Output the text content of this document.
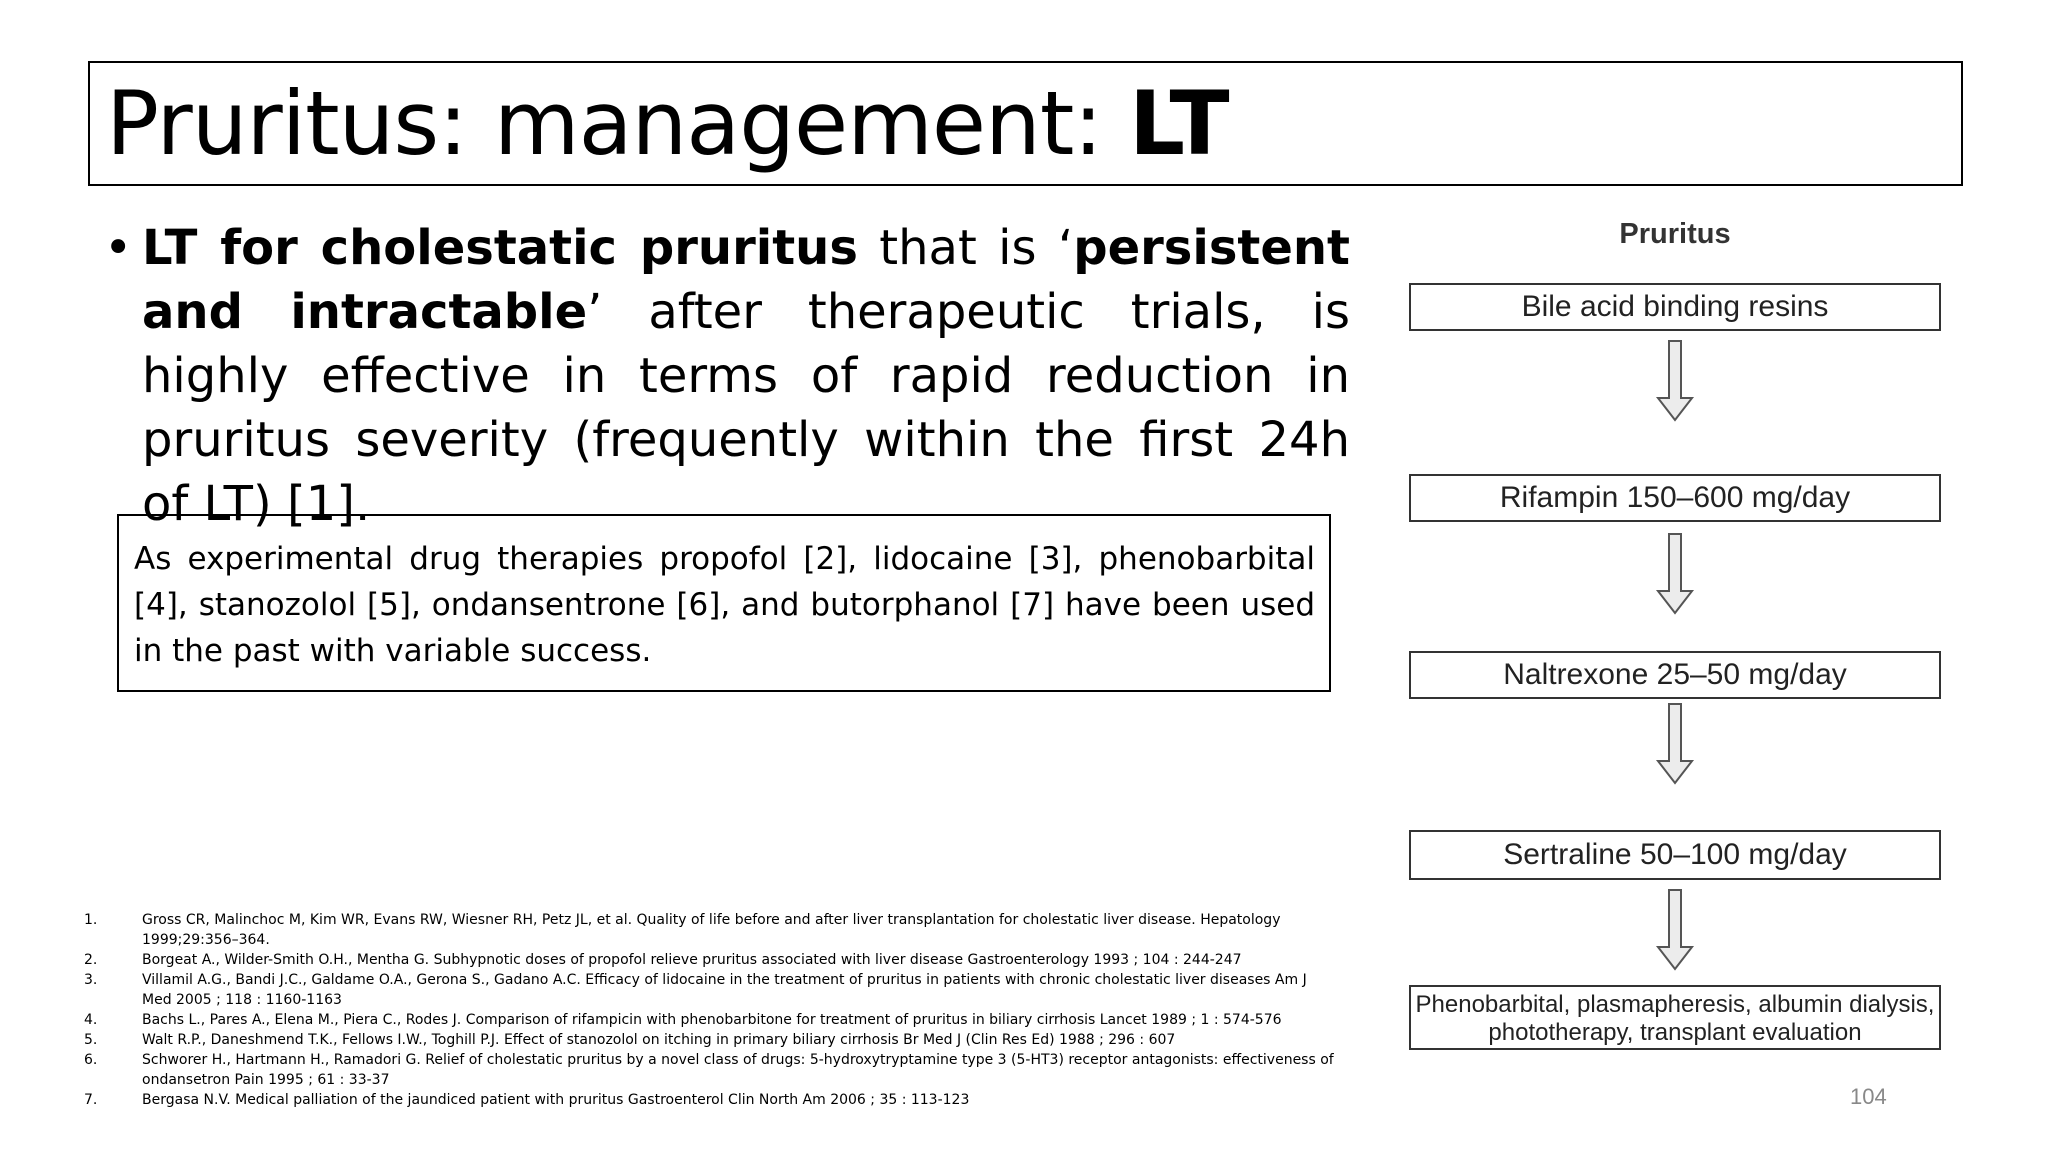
Pruritus: management: LT
• LT for cholestatic pruritus that is ‘persistent and intractable’ after therapeutic trials, is highly effective in terms of rapid reduction in pruritus severity (frequently within the first 24h of LT) [1].
As experimental drug therapies propofol [2], lidocaine [3], phenobarbital [4], stanozolol [5], ondansentrone [6], and butorphanol [7] have been used in the past with variable success.
1.	Gross CR, Malinchoc M, Kim WR, Evans RW, Wiesner RH, Petz JL, et al. Quality of life before and after liver transplantation for cholestatic liver disease. Hepatology 1999;29:356–364.
2.	Borgeat A., Wilder-Smith O.H., Mentha G. Subhypnotic doses of propofol relieve pruritus associated with liver disease Gastroenterology 1993 ; 104 : 244-247
3.	Villamil A.G., Bandi J.C., Galdame O.A., Gerona S., Gadano A.C. Efficacy of lidocaine in the treatment of pruritus in patients with chronic cholestatic liver diseases Am J Med 2005 ; 118 : 1160-1163
4.	Bachs L., Pares A., Elena M., Piera C., Rodes J. Comparison of rifampicin with phenobarbitone for treatment of pruritus in biliary cirrhosis Lancet 1989 ; 1 : 574-576
5.	Walt R.P., Daneshmend T.K., Fellows I.W., Toghill P.J. Effect of stanozolol on itching in primary biliary cirrhosis Br Med J (Clin Res Ed) 1988 ; 296 : 607
6.	Schworer H., Hartmann H., Ramadori G. Relief of cholestatic pruritus by a novel class of drugs: 5-hydroxytryptamine type 3 (5-HT3) receptor antagonists: effectiveness of ondansetron Pain 1995 ; 61 : 33-37
7.	Bergasa N.V. Medical palliation of the jaundiced patient with pruritus Gastroenterol Clin North Am 2006 ; 35 : 113-123
Pruritus
Bile acid binding resins
Rifampin 150–600 mg/day
Naltrexone 25–50 mg/day
Sertraline 50–100 mg/day
Phenobarbital, plasmapheresis, albumin dialysis,
phototherapy, transplant evaluation
104
